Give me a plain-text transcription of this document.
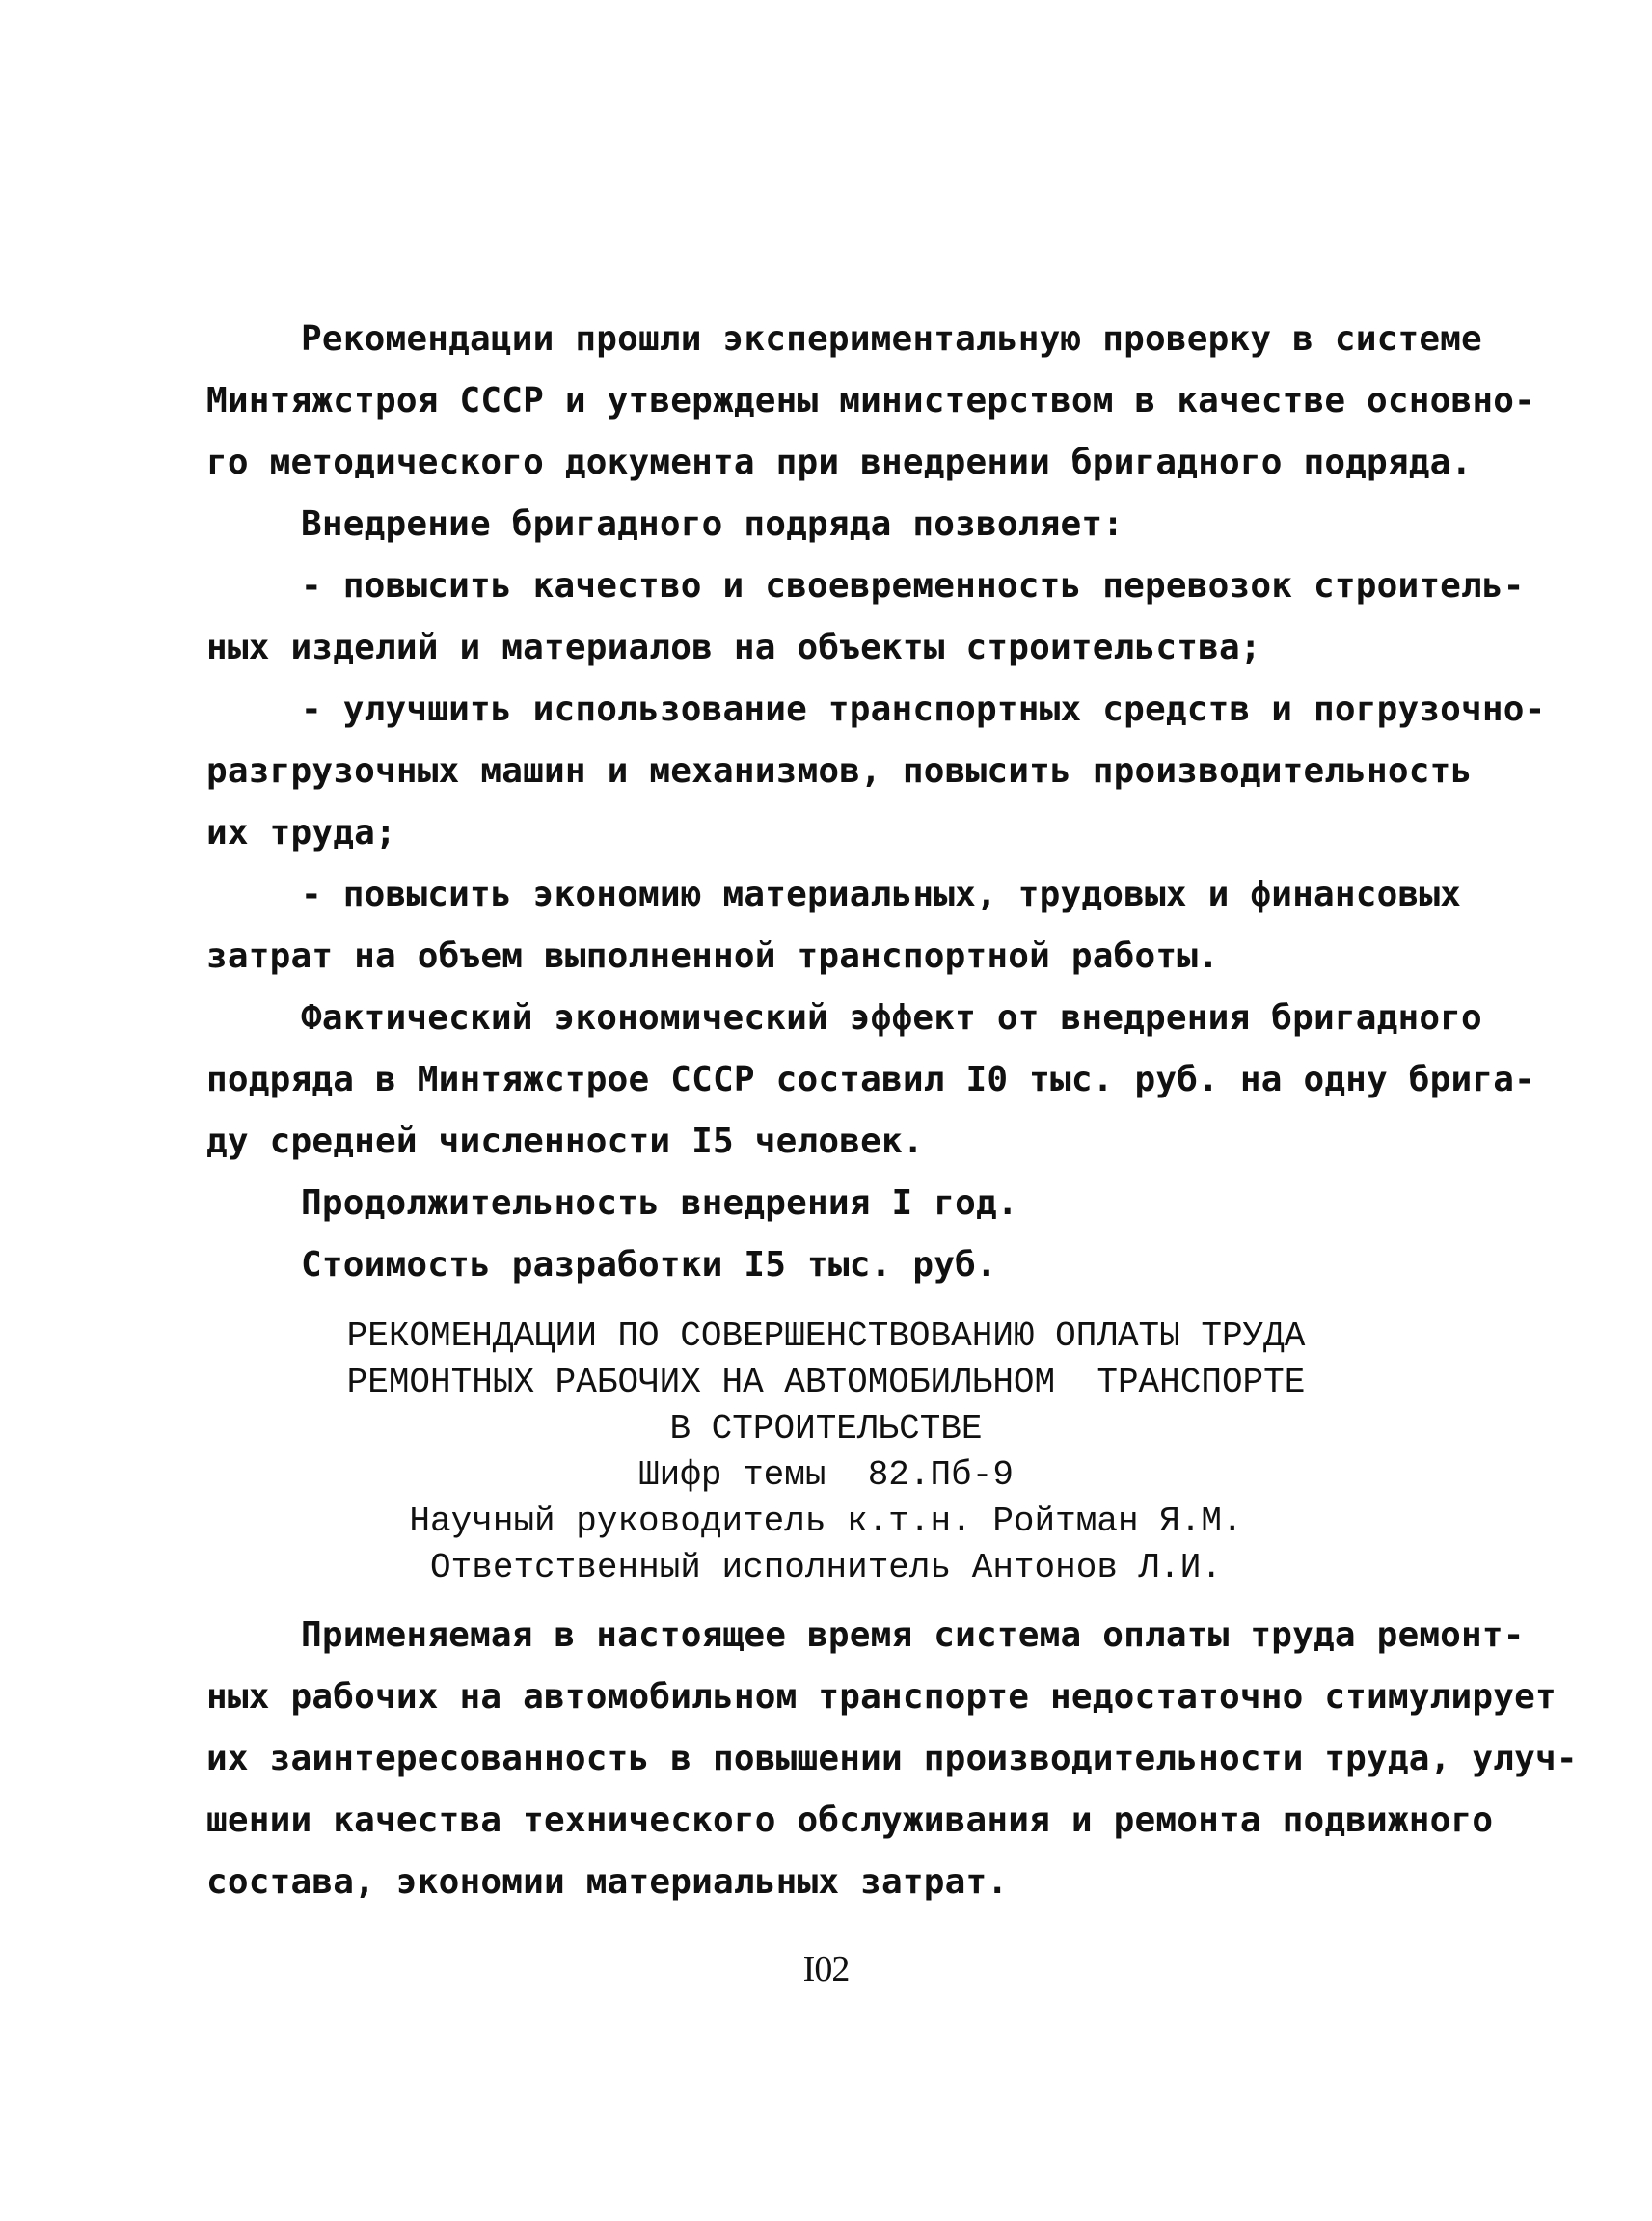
Рекомендации прошли экспериментальную проверку в системе
Минтяжстроя СССР и утверждены министерством в качестве основно-
го методического документа при внедрении бригадного подряда.
Внедрение бригадного подряда позволяет:
- повысить качество и своевременность перевозок строитель-
ных изделий и материалов на объекты строительства;
- улучшить использование транспортных средств и погрузочно-
разгрузочных машин и механизмов, повысить производительность
их труда;
- повысить экономию материальных, трудовых и финансовых
затрат на объем выполненной транспортной работы.
Фактический экономический эффект от внедрения бригадного
подряда в Минтяжстрое СССР составил I0 тыс. руб. на одну брига-
ду средней численности I5 человек.
Продолжительность внедрения I год.
Стоимость разработки I5 тыс. руб.
РЕКОМЕНДАЦИИ ПО СОВЕРШЕНСТВОВАНИЮ ОПЛАТЫ ТРУДА
РЕМОНТНЫХ РАБОЧИХ НА АВТОМОБИЛЬНОМ  ТРАНСПОРТЕ
В СТРОИТЕЛЬСТВЕ
Шифр темы  82.Пб-9
Научный руководитель к.т.н. Ройтман Я.М.
Ответственный исполнитель Антонов Л.И.
Применяемая в настоящее время система оплаты труда ремонт-
ных рабочих на автомобильном транспорте недостаточно стимулирует
их заинтересованность в повышении производительности труда, улуч-
шении качества технического обслуживания и ремонта подвижного
состава, экономии материальных затрат.
I02
